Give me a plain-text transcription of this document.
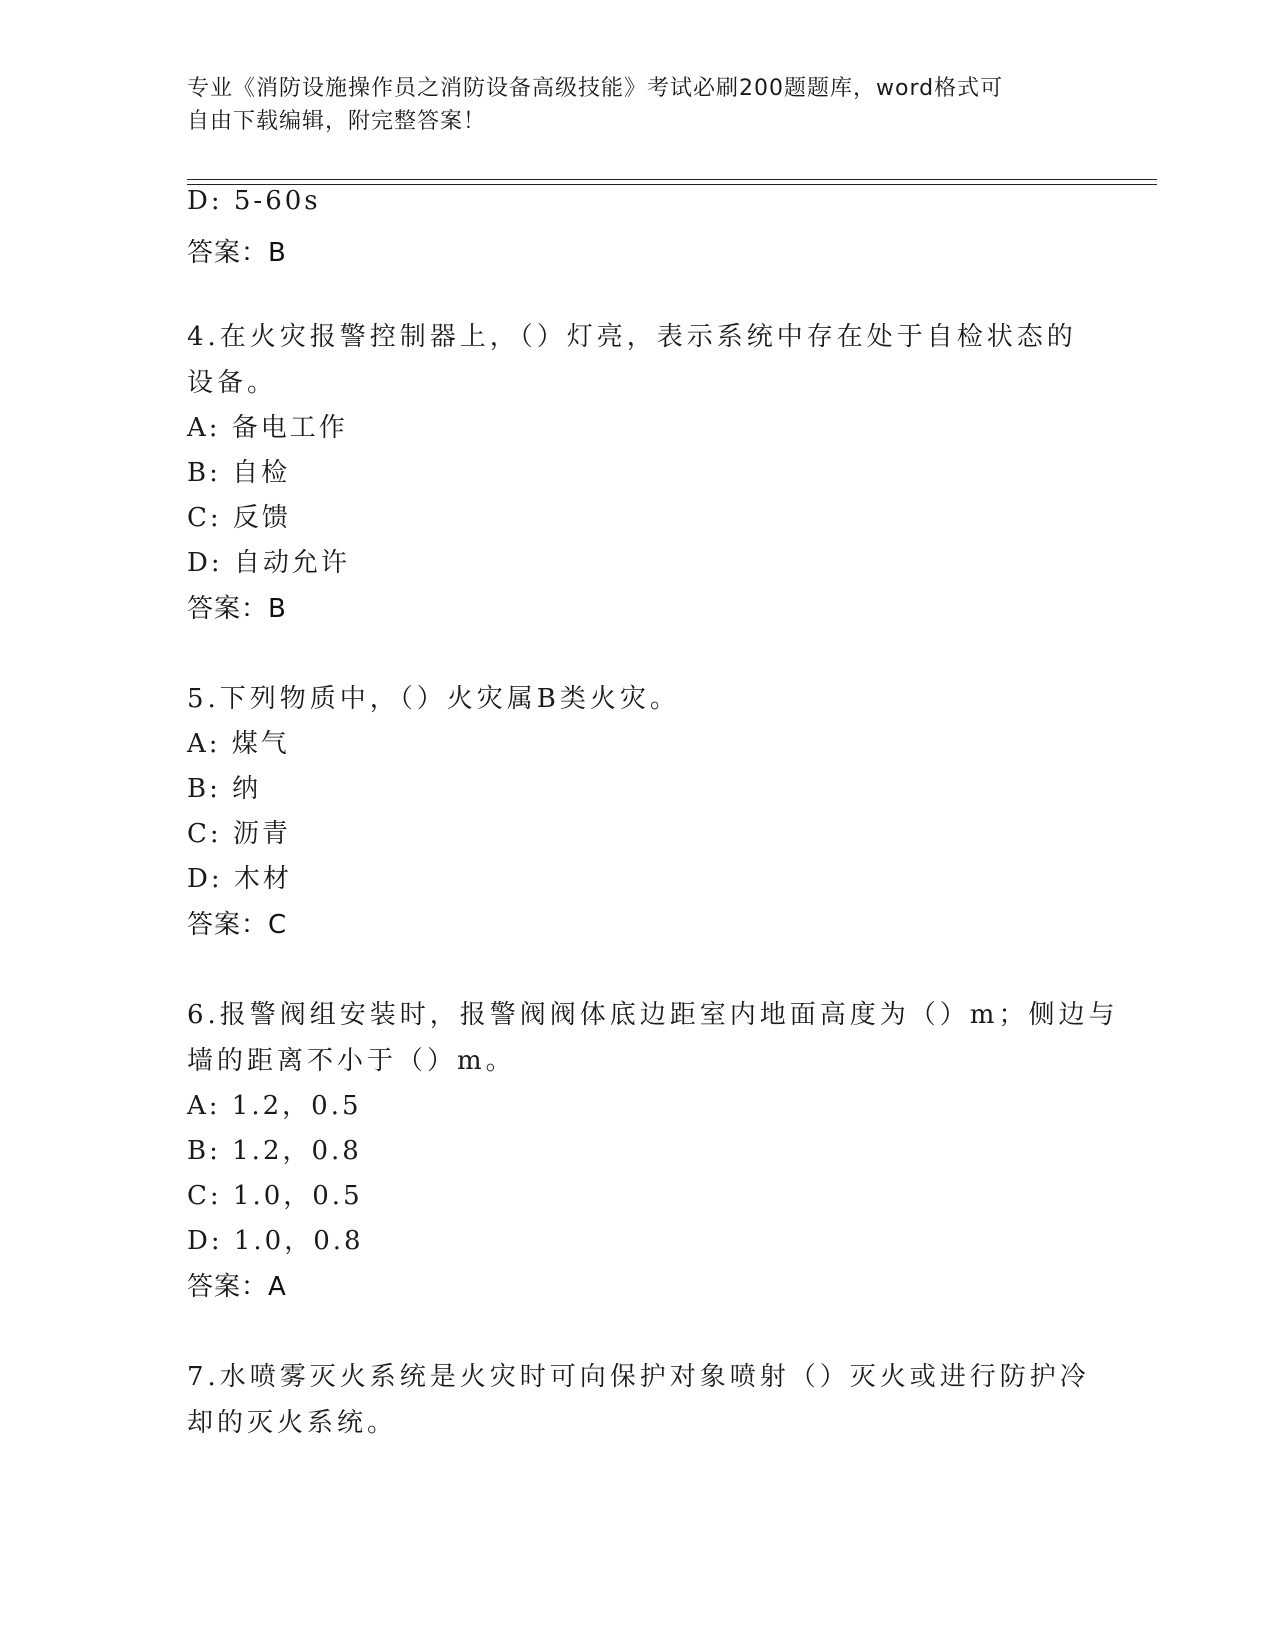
专业《消防设施操作员之消防设备高级技能》考试必刷200题题库，word格式可
自由下载编辑，附完整答案！
D: 5-60s
答案：B
4.在火灾报警控制器上，（）灯亮，表示系统中存在处于自检状态的
设备。
A: 备电工作
B: 自检
C: 反馈
D: 自动允许
答案：B
5.下列物质中，（）火灾属B类火灾。
A: 煤气
B: 纳
C: 沥青
D: 木材
答案：C
6.报警阀组安装时，报警阀阀体底边距室内地面高度为（）m；侧边与
墙的距离不小于（）m。
A: 1.2，0.5
B: 1.2，0.8
C: 1.0，0.5
D: 1.0，0.8
答案：A
7.水喷雾灭火系统是火灾时可向保护对象喷射（）灭火或进行防护冷
却的灭火系统。
